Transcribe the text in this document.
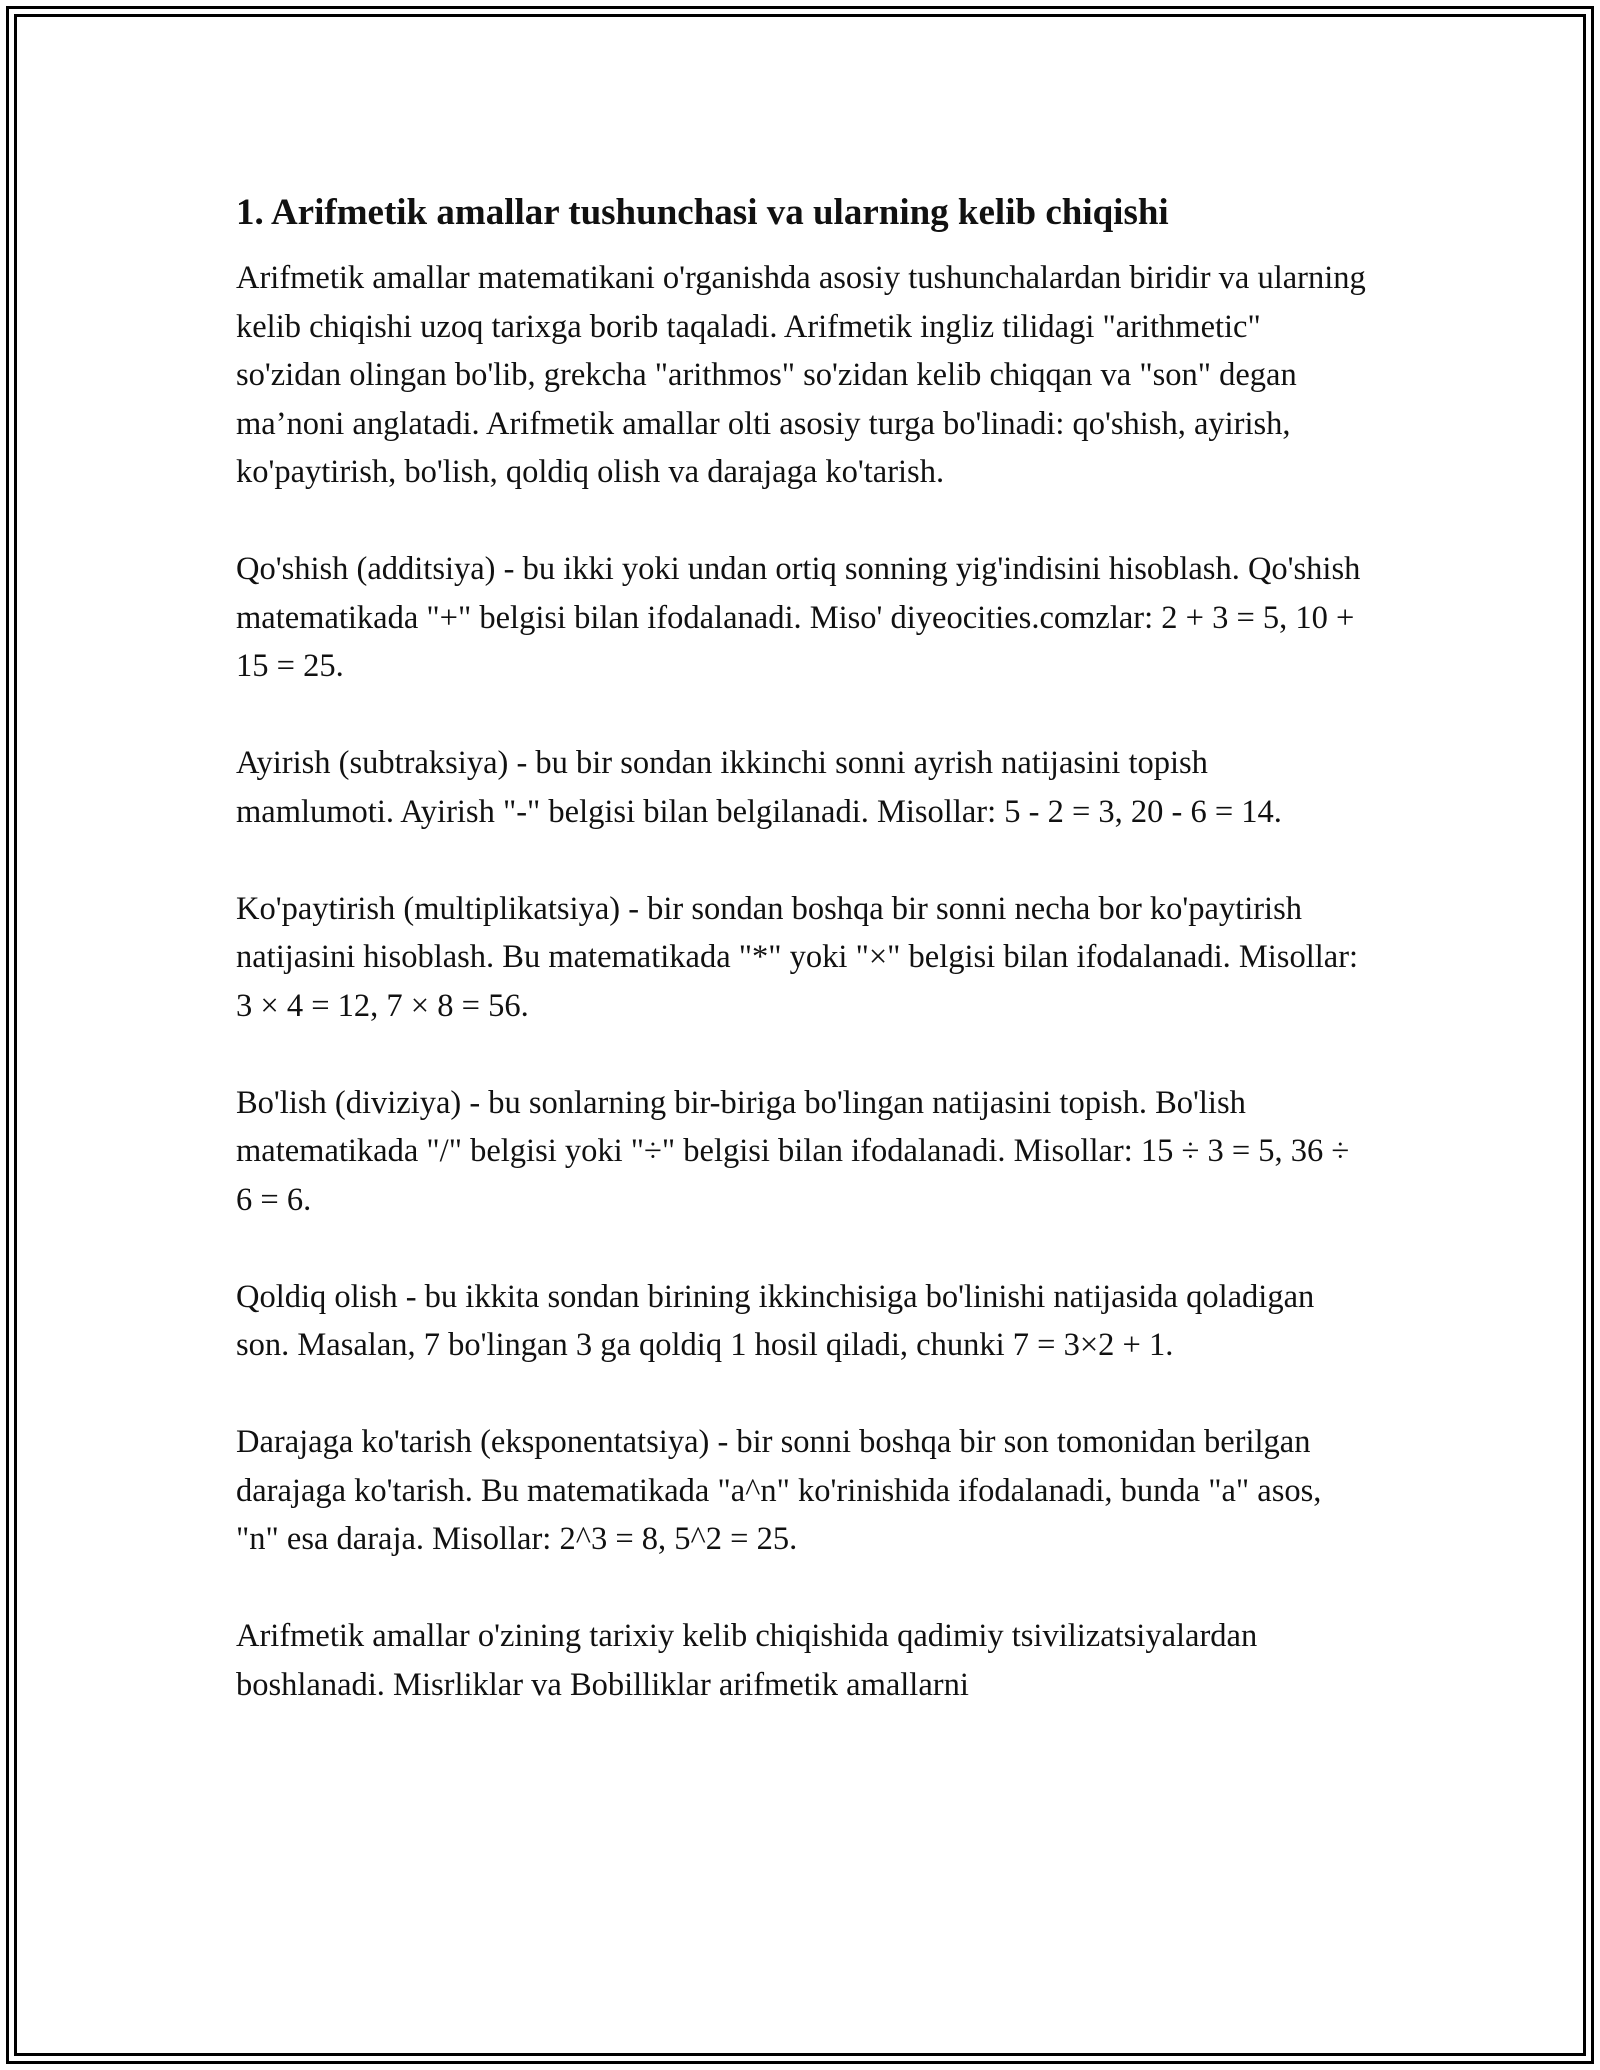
1. Arifmetik amallar tushunchasi va ularning kelib chiqishi

Arifmetik amallar matematikani o'rganishda asosiy tushunchalardan biridir va ularning kelib chiqishi uzoq tarixga borib taqaladi. Arifmetik ingliz tilidagi "arithmetic" so'zidan olingan bo'lib, grekcha "arithmos" so'zidan kelib chiqqan va "son" degan ma’noni anglatadi. Arifmetik amallar olti asosiy turga bo'linadi: qo'shish, ayirish, ko'paytirish, bo'lish, qoldiq olish va darajaga ko'tarish.

Qo'shish (additsiya) - bu ikki yoki undan ortiq sonning yig'indisini hisoblash. Qo'shish matematikada "+" belgisi bilan ifodalanadi. Miso' diyeocities.comzlar: 2 + 3 = 5, 10 + 15 = 25.

Ayirish (subtraksiya) - bu bir sondan ikkinchi sonni ayrish natijasini topish mamlumoti. Ayirish "-" belgisi bilan belgilanadi. Misollar: 5 - 2 = 3, 20 - 6 = 14.

Ko'paytirish (multiplikatsiya) - bir sondan boshqa bir sonni necha bor ko'paytirish natijasini hisoblash. Bu matematikada "*" yoki "×" belgisi bilan ifodalanadi. Misollar: 3 × 4 = 12, 7 × 8 = 56.

Bo'lish (diviziya) - bu sonlarning bir-biriga bo'lingan natijasini topish. Bo'lish matematikada "/" belgisi yoki "÷" belgisi bilan ifodalanadi. Misollar: 15 ÷ 3 = 5, 36 ÷ 6 = 6.

Qoldiq olish - bu ikkita sondan birining ikkinchisiga bo'linishi natijasida qoladigan son. Masalan, 7 bo'lingan 3 ga qoldiq 1 hosil qiladi, chunki 7 = 3×2 + 1.

Darajaga ko'tarish (eksponentatsiya) - bir sonni boshqa bir son tomonidan berilgan darajaga ko'tarish. Bu matematikada "a^n" ko'rinishida ifodalanadi, bunda "a" asos, "n" esa daraja. Misollar: 2^3 = 8, 5^2 = 25.

Arifmetik amallar o'zining tarixiy kelib chiqishida qadimiy tsivilizatsiyalardan boshlanadi. Misrliklar va Bobilliklar arifmetik amallarni
